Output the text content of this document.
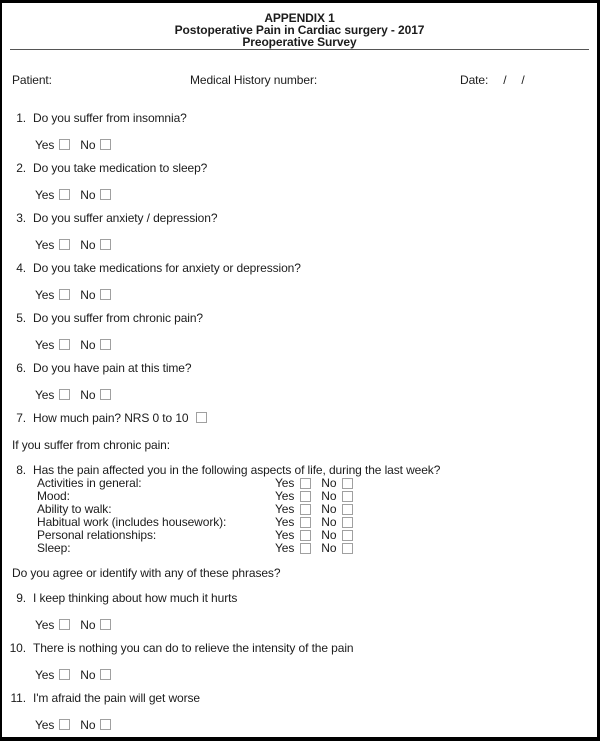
APPENDIX 1
Postoperative Pain in Cardiac surgery - 2017
Preoperative Survey
Patient:	Medical History number:	Date: / /
1. Do you suffer from insomnia?
Yes No
2. Do you take medication to sleep?
Yes No
3. Do you suffer anxiety / depression?
Yes No
4. Do you take medications for anxiety or depression?
Yes No
5. Do you suffer from chronic pain?
Yes No
6. Do you have pain at this time?
Yes No
7. How much pain? NRS 0 to 10
If you suffer from chronic pain:
8. Has the pain affected you in the following aspects of life, during the last week?
Activities in general:	Yes No
Mood:	Yes No
Ability to walk:	Yes No
Habitual work (includes housework):	Yes No
Personal relationships:	Yes No
Sleep:	Yes No
Do you agree or identify with any of these phrases?
9. I keep thinking about how much it hurts
Yes No
10. There is nothing you can do to relieve the intensity of the pain
Yes No
11. I'm afraid the pain will get worse
Yes No
